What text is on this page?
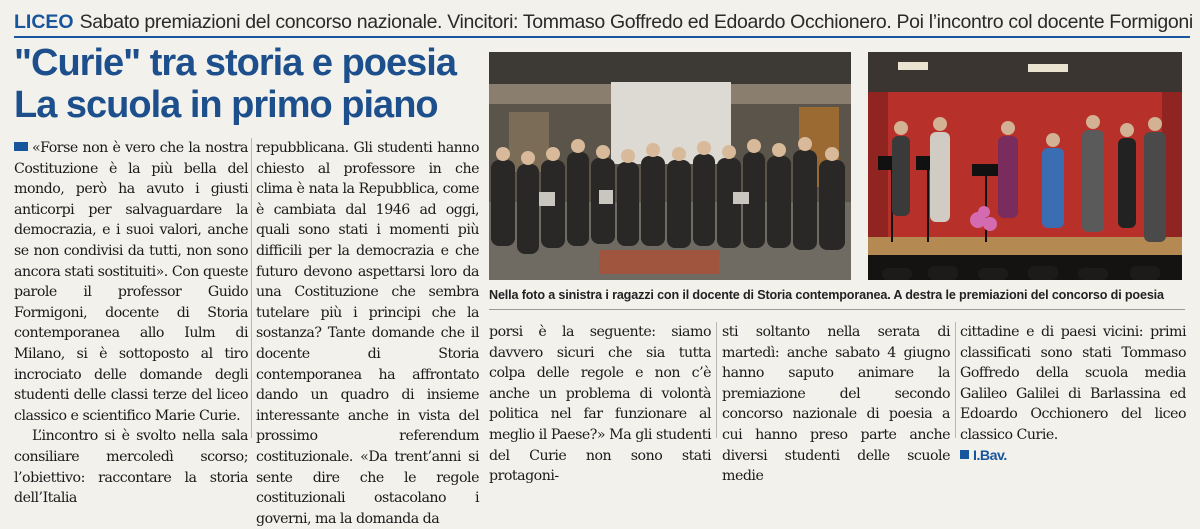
LICEO Sabato premiazioni del concorso nazionale. Vincitori: Tommaso Goffredo ed Edoardo Occhionero. Poi l’incontro col docente Formigoni
"Curie" tra storia e poesia
La scuola in primo piano
Nella foto a sinistra i ragazzi con il docente di Storia contemporanea. A destra le premiazioni del concorso di poesia

«Forse non è vero che la nostra Costituzione è la più bella del mondo, però ha avuto i giusti anticorpi per salvaguardare la democrazia, e i suoi valori, anche se non condivisi da tutti, non sono ancora stati sostituiti». Con queste parole il professor Guido Formigoni, docente di Storia contemporanea allo Iulm di Milano, si è sottoposto al tiro incrociato delle domande degli studenti delle classi terze del liceo classico e scientifico Marie Curie.

L’incontro si è svolto nella sala consiliare mercoledì scorso; l’obiettivo: raccontare la storia dell’Italia

repubblicana. Gli studenti hanno chiesto al professore in che clima è nata la Repubblica, come è cambiata dal 1946 ad oggi, quali sono stati i momenti più difficili per la democrazia e che futuro devono aspettarsi loro da una Costituzione che sembra tutelare più i principi che la sostanza? Tante domande che il docente di Storia contemporanea ha affrontato dando un quadro di insieme interessante anche in vista del prossimo referendum costituzionale. «Da trent’anni si sente dire che le regole costituzionali ostacolano i governi, ma la domanda da

porsi è la seguente: siamo davvero sicuri che sia tutta colpa delle regole e non c’è anche un problema di volontà politica nel far funzionare al meglio il Paese?» Ma gli studenti del Curie non sono stati protagoni-

sti soltanto nella serata di martedì: anche sabato 4 giugno hanno saputo animare la premiazione del secondo concorso nazionale di poesia a cui hanno preso parte anche diversi studenti delle scuole medie

cittadine e di paesi vicini: primi classificati sono stati Tommaso Goffredo della scuola media Galileo Galilei di Barlassina ed Edoardo Occhionero del liceo classico Curie.

I.Bav.
